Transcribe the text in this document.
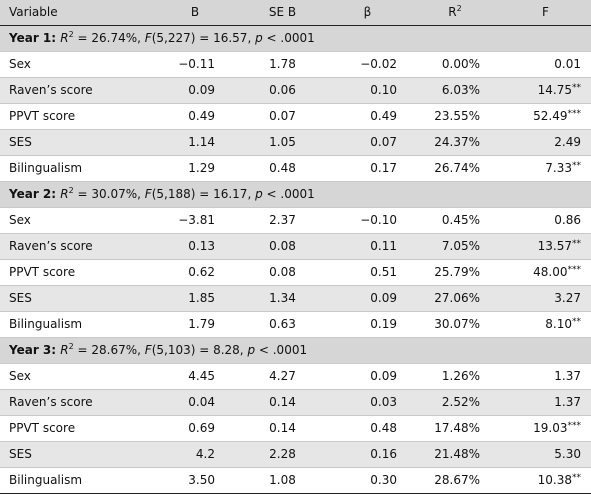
Variable	B	SE B	β	$R^2$	F
Year 1: $R^2 = 26.74\%$, F(5,227) = 16.57, p < .0001					
Sex	−0.11	1.78	−0.02	0.00%	0.01
Raven’s score	0.09	0.06	0.10	6.03%	14.75**
PPVT score	0.49	0.07	0.49	23.55%	52.49***
SES	1.14	1.05	0.07	24.37%	2.49
Bilingualism	1.29	0.48	0.17	26.74%	7.33**
Year 2: $R^2 = 30.07\%$, F(5,188) = 16.17, p < .0001					
Sex	−3.81	2.37	−0.10	0.45%	0.86
Raven’s score	0.13	0.08	0.11	7.05%	13.57**
PPVT score	0.62	0.08	0.51	25.79%	48.00***
SES	1.85	1.34	0.09	27.06%	3.27
Bilingualism	1.79	0.63	0.19	30.07%	8.10**
Year 3: $R^2 = 28.67\%$, F(5,103) = 8.28, p < .0001					
Sex	4.45	4.27	0.09	1.26%	1.37
Raven’s score	0.04	0.14	0.03	2.52%	1.37
PPVT score	0.69	0.14	0.48	17.48%	19.03***
SES	4.2	2.28	0.16	21.48%	5.30
Bilingualism	3.50	1.08	0.30	28.67%	10.38**
